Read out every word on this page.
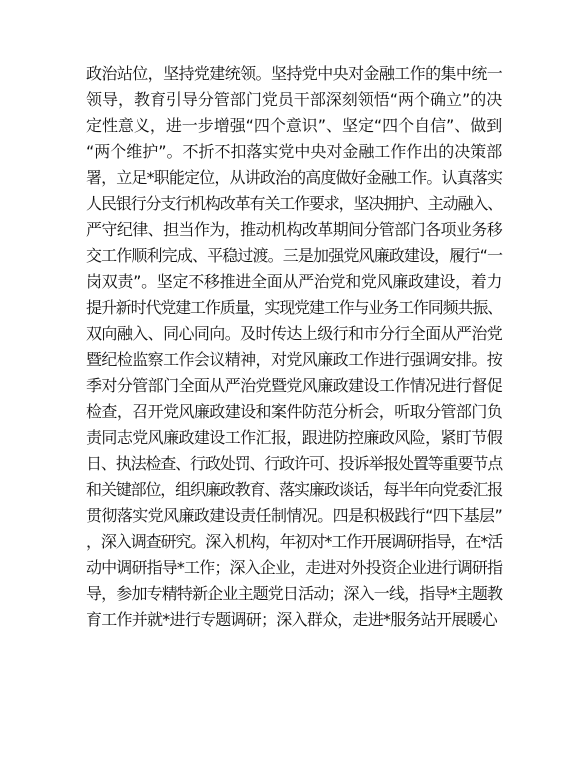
政治站位，坚持党建统领。坚持党中央对金融工作的集中统一
领导，教育引导分管部门党员干部深刻领悟“两个确立”的决
定性意义，进一步增强“四个意识”、坚定“四个自信”、做到
“两个维护”。不折不扣落实党中央对金融工作作出的决策部
署，立足*职能定位，从讲政治的高度做好金融工作。认真落实
人民银行分支行机构改革有关工作要求，坚决拥护、主动融入、
严守纪律、担当作为，推动机构改革期间分管部门各项业务移
交工作顺利完成、平稳过渡。三是加强党风廉政建设，履行“一
岗双责”。坚定不移推进全面从严治党和党风廉政建设，着力
提升新时代党建工作质量，实现党建工作与业务工作同频共振、
双向融入、同心同向。及时传达上级行和市分行全面从严治党
暨纪检监察工作会议精神，对党风廉政工作进行强调安排。按
季对分管部门全面从严治党暨党风廉政建设工作情况进行督促
检查，召开党风廉政建设和案件防范分析会，听取分管部门负
责同志党风廉政建设工作汇报，跟进防控廉政风险，紧盯节假
日、执法检查、行政处罚、行政许可、投诉举报处置等重要节点
和关键部位，组织廉政教育、落实廉政谈话，每半年向党委汇报
贯彻落实党风廉政建设责任制情况。四是积极践行“四下基层”
，深入调查研究。深入机构，年初对*工作开展调研指导，在*活
动中调研指导*工作；深入企业，走进对外投资企业进行调研指
导，参加专精特新企业主题党日活动；深入一线，指导*主题教
育工作并就*进行专题调研；深入群众，走进*服务站开展暖心
